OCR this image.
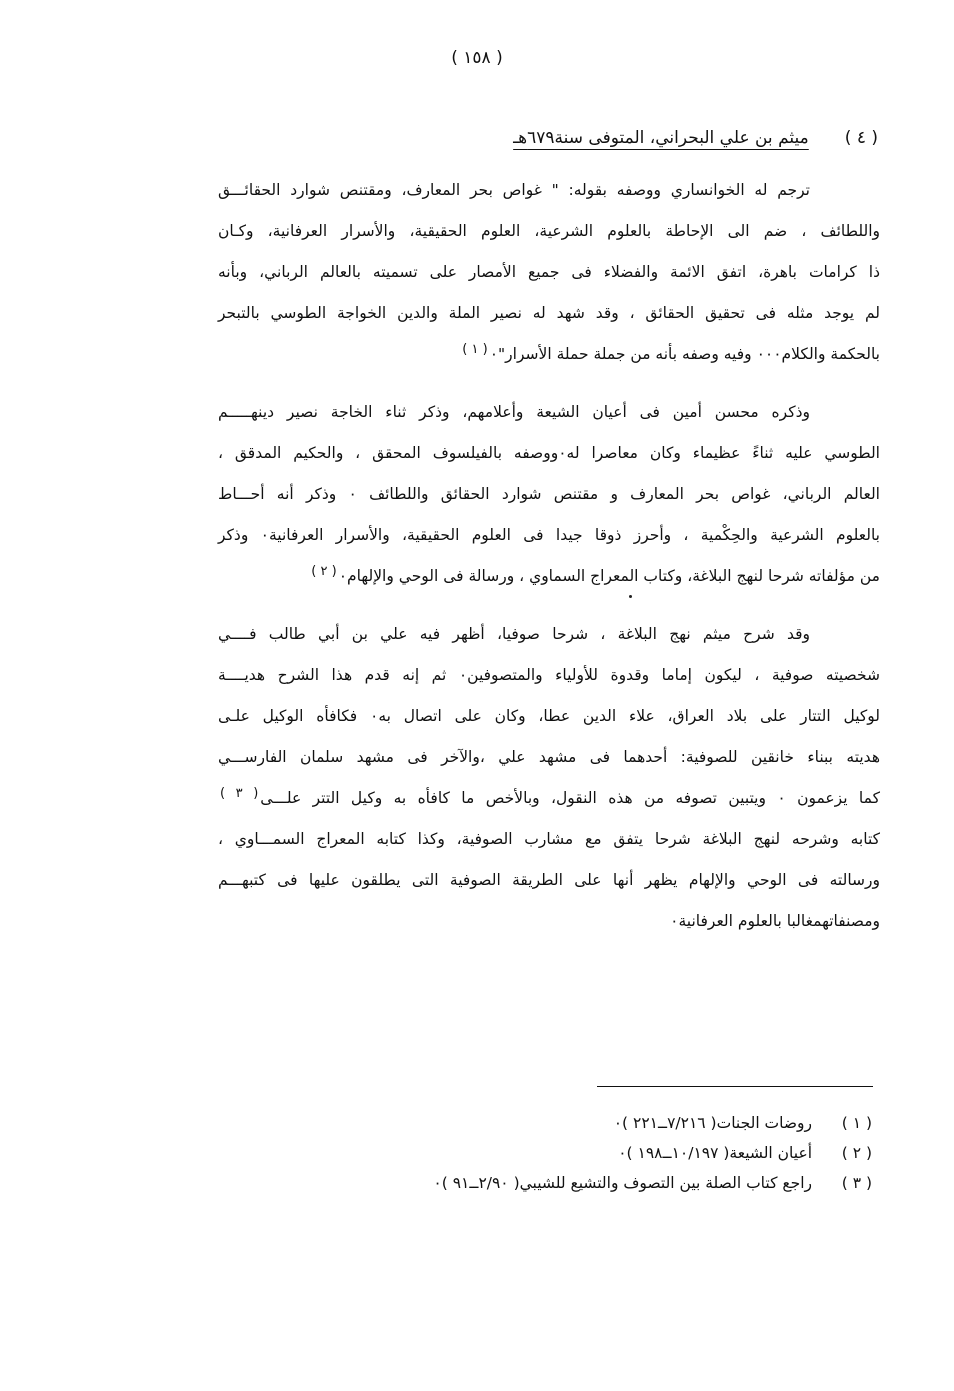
( ١٥٨ )
( ٤ )
ميثم بن علي البحراني، المتوفى سنة٦٧٩هـ
ترجم له الخوانساري ووصفه بقوله: " غواص بحر المعارف، ومقتنص شوارد الحقائـــق
واللطائف ، ضم الى الإحاطة بالعلوم الشرعية، العلوم الحقيقية، والأسرار العرفانية، وكـان
ذا كرامات باهرة، اتفق الائمة والفضلاء فى جميع الأمصار على تسميته بالعالم الرباني، وبأنه
لم يوجد مثله فى تحقيق الحقائق ، وقد شهد له نصير الملة والدين الخواجة الطوسي بالتبحر
بالحكمة والكلام٠٠٠ وفيه وصفه بأنه من جملة حملة الأسرار"٠$^{( ١ )}$
وذكره محسن أمين فى أعيان الشيعة وأعلامهم، وذكر ثناء الخاجة نصير دينهـــــم
الطوسي عليه ثناءً عظيماء وكان معاصرا له٠ووصفه بالفيلسوف المحقق ، والحكيم المدقق ،
العالم الرباني، غواص بحر المعارف و مقتنص شوارد الحقائق واللطائف ٠ وذكر أنه أحـــاط
بالعلوم الشرعية والحِكْمية ، وأحرز ذوقا جيدا فى العلوم الحقيقية، والأسرار العرفانية٠ وذكر
من مؤلفاته شرحا لنهج البلاغة، وكتاب المعراج السماوي ، ورسالة فى الوحي والإلهام٠$^{( ٢ )}$
وقد شرح ميثم نهج البلاغة ، شرحا صوفيا، أظهر فيه علي بن أبي طالب فــــي
شخصيته صوفية ، ليكون إماما وقدوة للأولياء والمتصوفين٠ ثم إنه قدم هذا الشرح هديــــة
لوكيل التتار على بلاد العراق، علاء الدين عطا، وكان على اتصال به٠ فكافأه الوكيل علـى
هديته ببناء خانقين للصوفية: أحدهما فى مشهد علي ،والآخر فى مشهد سلمان الفارســـي
كما يزعمون ٠ ويتبين تصوفه من هذه النقول، وبالأخص ما كافأه به وكيل التتر علـــى$^{( ٣ )}$
كتابه وشرحه لنهج البلاغة شرحا يتفق مع مشارب الصوفية، وكذا كتابه المعراج السمـــاوي ،
ورسالته فى الوحي والإلهام يظهر أنها على الطريقة الصوفية التى يطلقون عليها فى كتبهـــم
ومصنفاتهمغالبا بالعلوم العرفانية٠
( ١ )
روضات الجنات( ٧/٢١٦ــ٢٢١ )٠
( ٢ )
أعيان الشيعة( ١٠/١٩٧ــ١٩٨ )٠
( ٣ )
راجع كتاب الصلة بين التصوف والتشيع للشيبي( ٢/٩٠ــ٩١ )٠
